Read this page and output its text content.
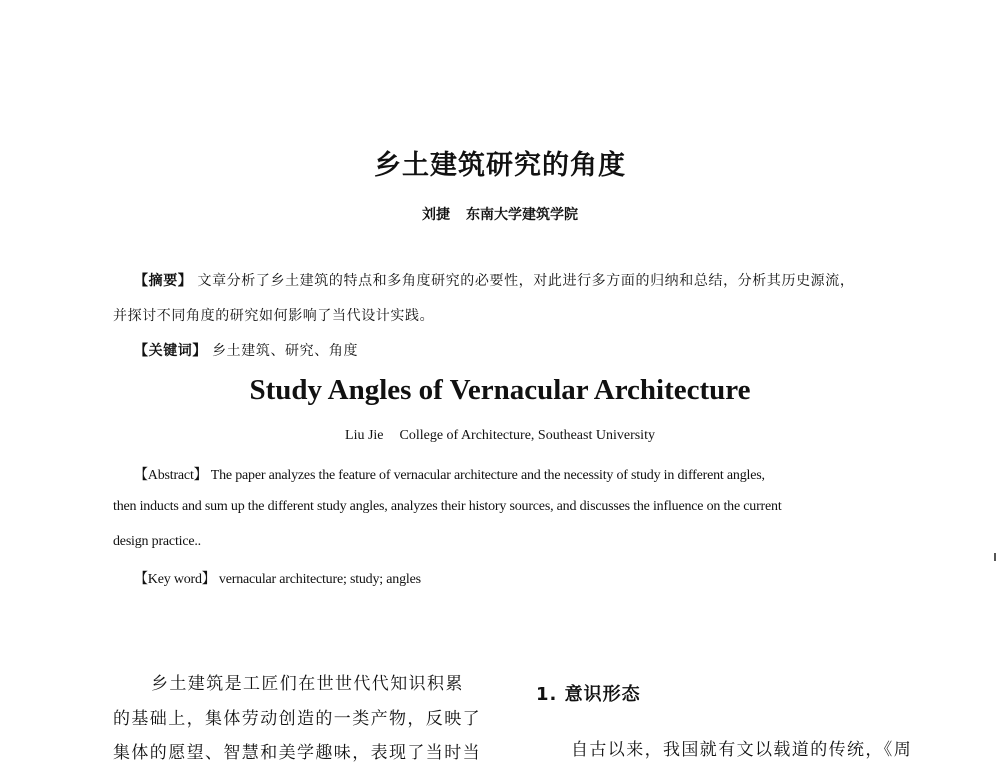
乡土建筑研究的角度
刘捷 东南大学建筑学院
【摘要】 文章分析了乡土建筑的特点和多角度研究的必要性，对此进行多方面的归纳和总结，分析其历史源流，
并探讨不同角度的研究如何影响了当代设计实践。
【关键词】 乡土建筑、研究、角度
Study Angles of Vernacular Architecture
Liu Jie College of Architecture, Southeast University
【Abstract】 The paper analyzes the feature of vernacular architecture and the necessity of study in different angles,
then inducts and sum up the different study angles, analyzes their history sources, and discusses the influence on the current
design practice..
【Key word】 vernacular architecture; study; angles
乡土建筑是工匠们在世世代代知识积累
的基础上，集体劳动创造的一类产物，反映了
集体的愿望、智慧和美学趣味，表现了当时当
1. 意识形态
自古以来，我国就有文以载道的传统，《周
